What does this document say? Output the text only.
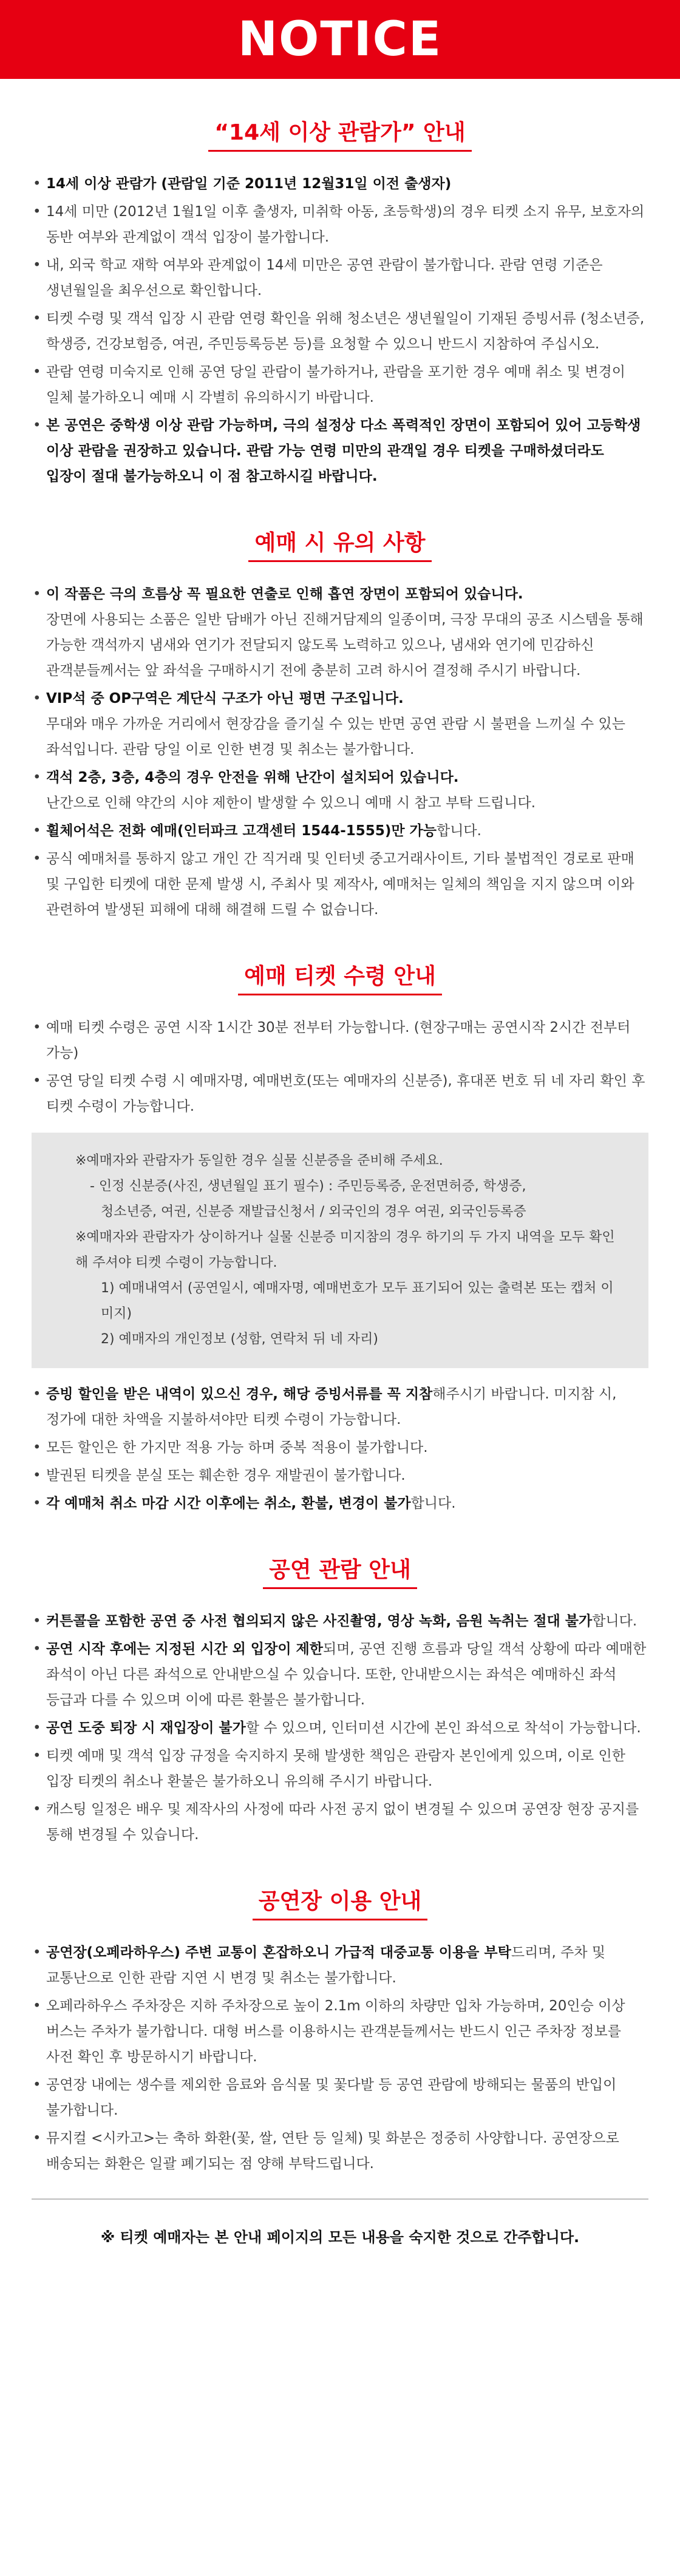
NOTICE
“14세 이상 관람가” 안내
• 14세 이상 관람가 (관람일 기준 2011년 12월31일 이전 출생자)
• 14세 미만 (2012년 1월1일 이후 출생자, 미취학 아동, 초등학생)의 경우 티켓 소지 유무, 보호자의 동반 여부와 관계없이 객석 입장이 불가합니다.
• 내, 외국 학교 재학 여부와 관계없이 14세 미만은 공연 관람이 불가합니다. 관람 연령 기준은 생년월일을 최우선으로 확인합니다.
• 티켓 수령 및 객석 입장 시 관람 연령 확인을 위해 청소년은 생년월일이 기재된 증빙서류 (청소년증, 학생증, 건강보험증, 여권, 주민등록등본 등)를 요청할 수 있으니 반드시 지참하여 주십시오.
• 관람 연령 미숙지로 인해 공연 당일 관람이 불가하거나, 관람을 포기한 경우 예매 취소 및 변경이 일체 불가하오니 예매 시 각별히 유의하시기 바랍니다.
• 본 공연은 중학생 이상 관람 가능하며, 극의 설정상 다소 폭력적인 장면이 포함되어 있어 고등학생 이상 관람을 권장하고 있습니다. 관람 가능 연령 미만의 관객일 경우 티켓을 구매하셨더라도 입장이 절대 불가능하오니 이 점 참고하시길 바랍니다.
예매 시 유의 사항
• 이 작품은 극의 흐름상 꼭 필요한 연출로 인해 흡연 장면이 포함되어 있습니다.
장면에 사용되는 소품은 일반 담배가 아닌 진해거담제의 일종이며, 극장 무대의 공조 시스템을 통해 가능한 객석까지 냄새와 연기가 전달되지 않도록 노력하고 있으나, 냄새와 연기에 민감하신 관객분들께서는 앞 좌석을 구매하시기 전에 충분히 고려 하시어 결정해 주시기 바랍니다.
• VIP석 중 OP구역은 계단식 구조가 아닌 평면 구조입니다.
무대와 매우 가까운 거리에서 현장감을 즐기실 수 있는 반면 공연 관람 시 불편을 느끼실 수 있는 좌석입니다. 관람 당일 이로 인한 변경 및 취소는 불가합니다.
• 객석 2층, 3층, 4층의 경우 안전을 위해 난간이 설치되어 있습니다.
난간으로 인해 약간의 시야 제한이 발생할 수 있으니 예매 시 참고 부탁 드립니다.
• 휠체어석은 전화 예매(인터파크 고객센터 1544-1555)만 가능합니다.
• 공식 예매처를 통하지 않고 개인 간 직거래 및 인터넷 중고거래사이트, 기타 불법적인 경로로 판매 및 구입한 티켓에 대한 문제 발생 시, 주최사 및 제작사, 예매처는 일체의 책임을 지지 않으며 이와 관련하여 발생된 피해에 대해 해결해 드릴 수 없습니다.
예매 티켓 수령 안내
• 예매 티켓 수령은 공연 시작 1시간 30분 전부터 가능합니다. (현장구매는 공연시작 2시간 전부터 가능)
• 공연 당일 티켓 수령 시 예매자명, 예매번호(또는 예매자의 신분증), 휴대폰 번호 뒤 네 자리 확인 후 티켓 수령이 가능합니다.

※예매자와 관람자가 동일한 경우 실물 신분증을 준비해 주세요.

- 인정 신분증(사진, 생년월일 표기 필수) : 주민등록증, 운전면허증, 학생증,

청소년증, 여권, 신분증 재발급신청서 / 외국인의 경우 여권, 외국인등록증

※예매자와 관람자가 상이하거나 실물 신분증 미지참의 경우 하기의 두 가지 내역을 모두 확인해 주셔야 티켓 수령이 가능합니다.

1) 예매내역서 (공연일시, 예매자명, 예매번호가 모두 표기되어 있는 출력본 또는 캡처 이미지)

2) 예매자의 개인정보 (성함, 연락처 뒤 네 자리)

• 증빙 할인을 받은 내역이 있으신 경우, 해당 증빙서류를 꼭 지참해주시기 바랍니다. 미지참 시, 정가에 대한 차액을 지불하셔야만 티켓 수령이 가능합니다.
• 모든 할인은 한 가지만 적용 가능 하며 중복 적용이 불가합니다.
• 발권된 티켓을 분실 또는 훼손한 경우 재발권이 불가합니다.
• 각 예매처 취소 마감 시간 이후에는 취소, 환불, 변경이 불가합니다.
공연 관람 안내
• 커튼콜을 포함한 공연 중 사전 협의되지 않은 사진촬영, 영상 녹화, 음원 녹취는 절대 불가합니다.
• 공연 시작 후에는 지정된 시간 외 입장이 제한되며, 공연 진행 흐름과 당일 객석 상황에 따라 예매한 좌석이 아닌 다른 좌석으로 안내받으실 수 있습니다. 또한, 안내받으시는 좌석은 예매하신 좌석 등급과 다를 수 있으며 이에 따른 환불은 불가합니다.
• 공연 도중 퇴장 시 재입장이 불가할 수 있으며, 인터미션 시간에 본인 좌석으로 착석이 가능합니다.
• 티켓 예매 및 객석 입장 규정을 숙지하지 못해 발생한 책임은 관람자 본인에게 있으며, 이로 인한 입장 티켓의 취소나 환불은 불가하오니 유의해 주시기 바랍니다.
• 캐스팅 일정은 배우 및 제작사의 사정에 따라 사전 공지 없이 변경될 수 있으며 공연장 현장 공지를 통해 변경될 수 있습니다.
공연장 이용 안내
• 공연장(오페라하우스) 주변 교통이 혼잡하오니 가급적 대중교통 이용을 부탁드리며, 주차 및 교통난으로 인한 관람 지연 시 변경 및 취소는 불가합니다.
• 오페라하우스 주차장은 지하 주차장으로 높이 2.1m 이하의 차량만 입차 가능하며, 20인승 이상 버스는 주차가 불가합니다. 대형 버스를 이용하시는 관객분들께서는 반드시 인근 주차장 정보를 사전 확인 후 방문하시기 바랍니다.
• 공연장 내에는 생수를 제외한 음료와 음식물 및 꽃다발 등 공연 관람에 방해되는 물품의 반입이 불가합니다.
• 뮤지컬 <시카고>는 축하 화환(꽃, 쌀, 연탄 등 일체) 및 화분은 정중히 사양합니다. 공연장으로 배송되는 화환은 일괄 폐기되는 점 양해 부탁드립니다.
※ 티켓 예매자는 본 안내 페이지의 모든 내용을 숙지한 것으로 간주합니다.
